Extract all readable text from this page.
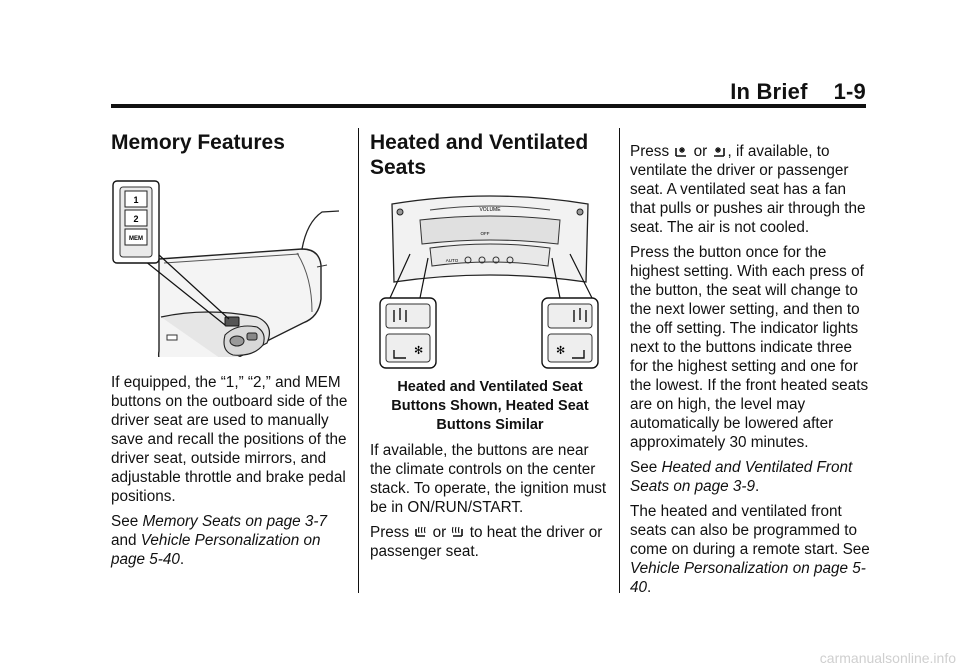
In Brief 1-9
Memory Features
1
2
MEM

If equipped, the “1,” “2,” and MEM buttons on the outboard side of the driver seat are used to manually save and recall the positions of the driver seat, outside mirrors, and adjustable throttle and brake pedal positions.

See Memory Seats on page 3-7 and Vehicle Personalization on page 5-40.

Heated and Ventilated Seats
VOLUME
OFF
AUTO
✻	✻

Heated and Ventilated Seat Buttons Shown, Heated Seat Buttons Similar

If available, the buttons are near the climate controls on the center stack. To operate, the ignition must be in ON/RUN/START.

Press  or  to heat the driver or passenger seat.

Press  or , if available, to ventilate the driver or passenger seat. A ventilated seat has a fan that pulls or pushes air through the seat. The air is not cooled.

Press the button once for the highest setting. With each press of the button, the seat will change to the next lower setting, and then to the off setting. The indicator lights next to the buttons indicate three for the highest setting and one for the lowest. If the front heated seats are on high, the level may automatically be lowered after approximately 30 minutes.

See Heated and Ventilated Front Seats on page 3-9.

The heated and ventilated front seats can also be programmed to come on during a remote start. See Vehicle Personalization on page 5-40.

carmanualsonline.info
